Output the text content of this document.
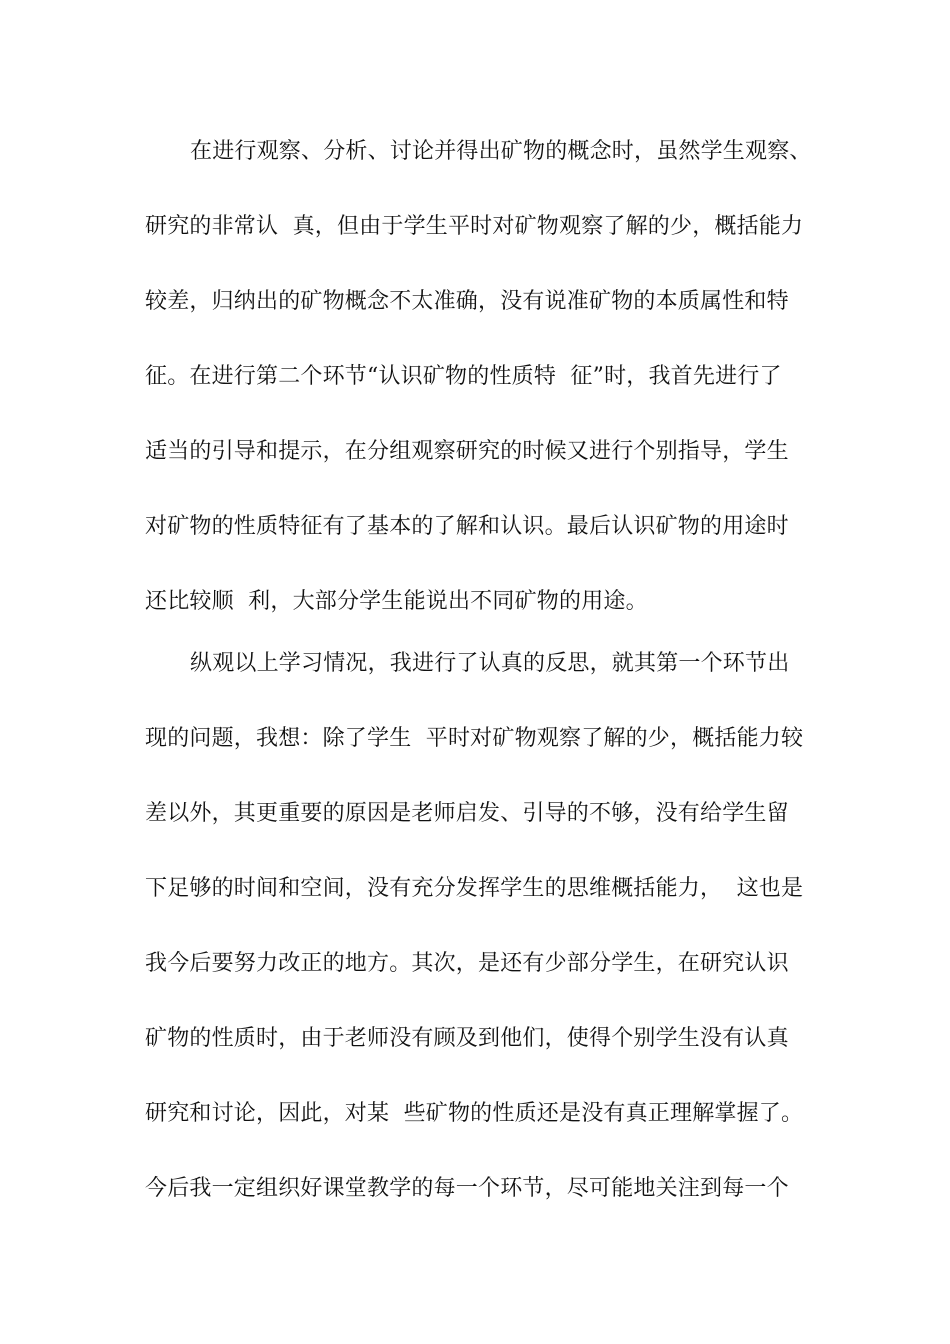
在进行观察、分析、讨论并得出矿物的概念时，虽然学生观察、
研究的非常认  真，但由于学生平时对矿物观察了解的少，概括能力
较差，归纳出的矿物概念不太准确，没有说准矿物的本质属性和特
征。在进行第二个环节“认识矿物的性质特  征”时，我首先进行了
适当的引导和提示，在分组观察研究的时候又进行个别指导，学生
对矿物的性质特征有了基本的了解和认识。最后认识矿物的用途时
还比较顺  利，大部分学生能说出不同矿物的用途。
纵观以上学习情况，我进行了认真的反思，就其第一个环节出
现的问题，我想：除了学生  平时对矿物观察了解的少，概括能力较
差以外，其更重要的原因是老师启发、引导的不够，没有给学生留
下足够的时间和空间，没有充分发挥学生的思维概括能力，  这也是
我今后要努力改正的地方。其次，是还有少部分学生，在研究认识
矿物的性质时，由于老师没有顾及到他们，使得个别学生没有认真
研究和讨论，因此，对某  些矿物的性质还是没有真正理解掌握了。
今后我一定组织好课堂教学的每一个环节，尽可能地关注到每一个
